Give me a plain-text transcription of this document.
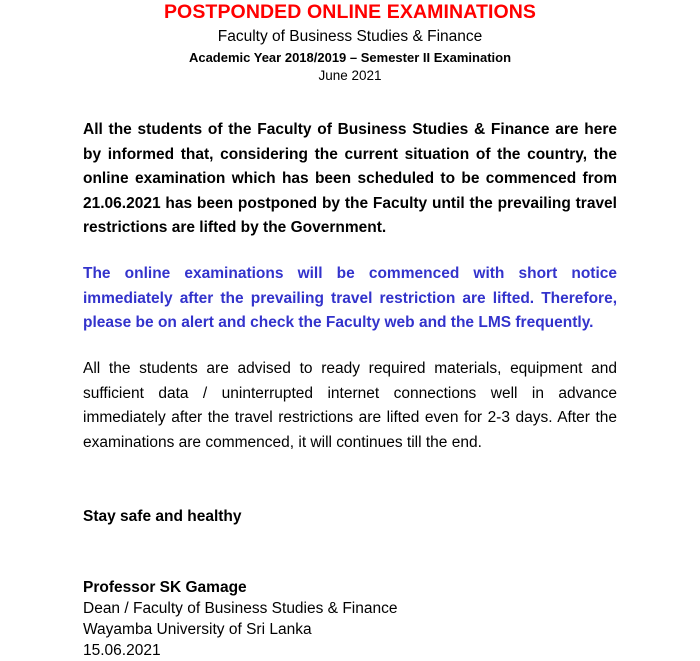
POSTPONDED ONLINE EXAMINATIONS
Faculty of Business Studies & Finance
Academic Year 2018/2019 – Semester II Examination
June 2021

All the students of the Faculty of Business Studies & Finance are here by informed that, considering the current situation of the country, the online examination which has been scheduled to be commenced from 21.06.2021 has been postponed by the Faculty until the prevailing travel restrictions are lifted by the Government.

The online examinations will be commenced with short notice immediately after the prevailing travel restriction are lifted. Therefore, please be on alert and check the Faculty web and the LMS frequently.

All the students are advised to ready required materials, equipment and sufficient data / uninterrupted internet connections well in advance immediately after the travel restrictions are lifted even for 2-3 days. After the examinations are commenced, it will continues till the end.

Stay safe and healthy

Professor SK Gamage
Dean / Faculty of Business Studies & Finance
Wayamba University of Sri Lanka
15.06.2021
